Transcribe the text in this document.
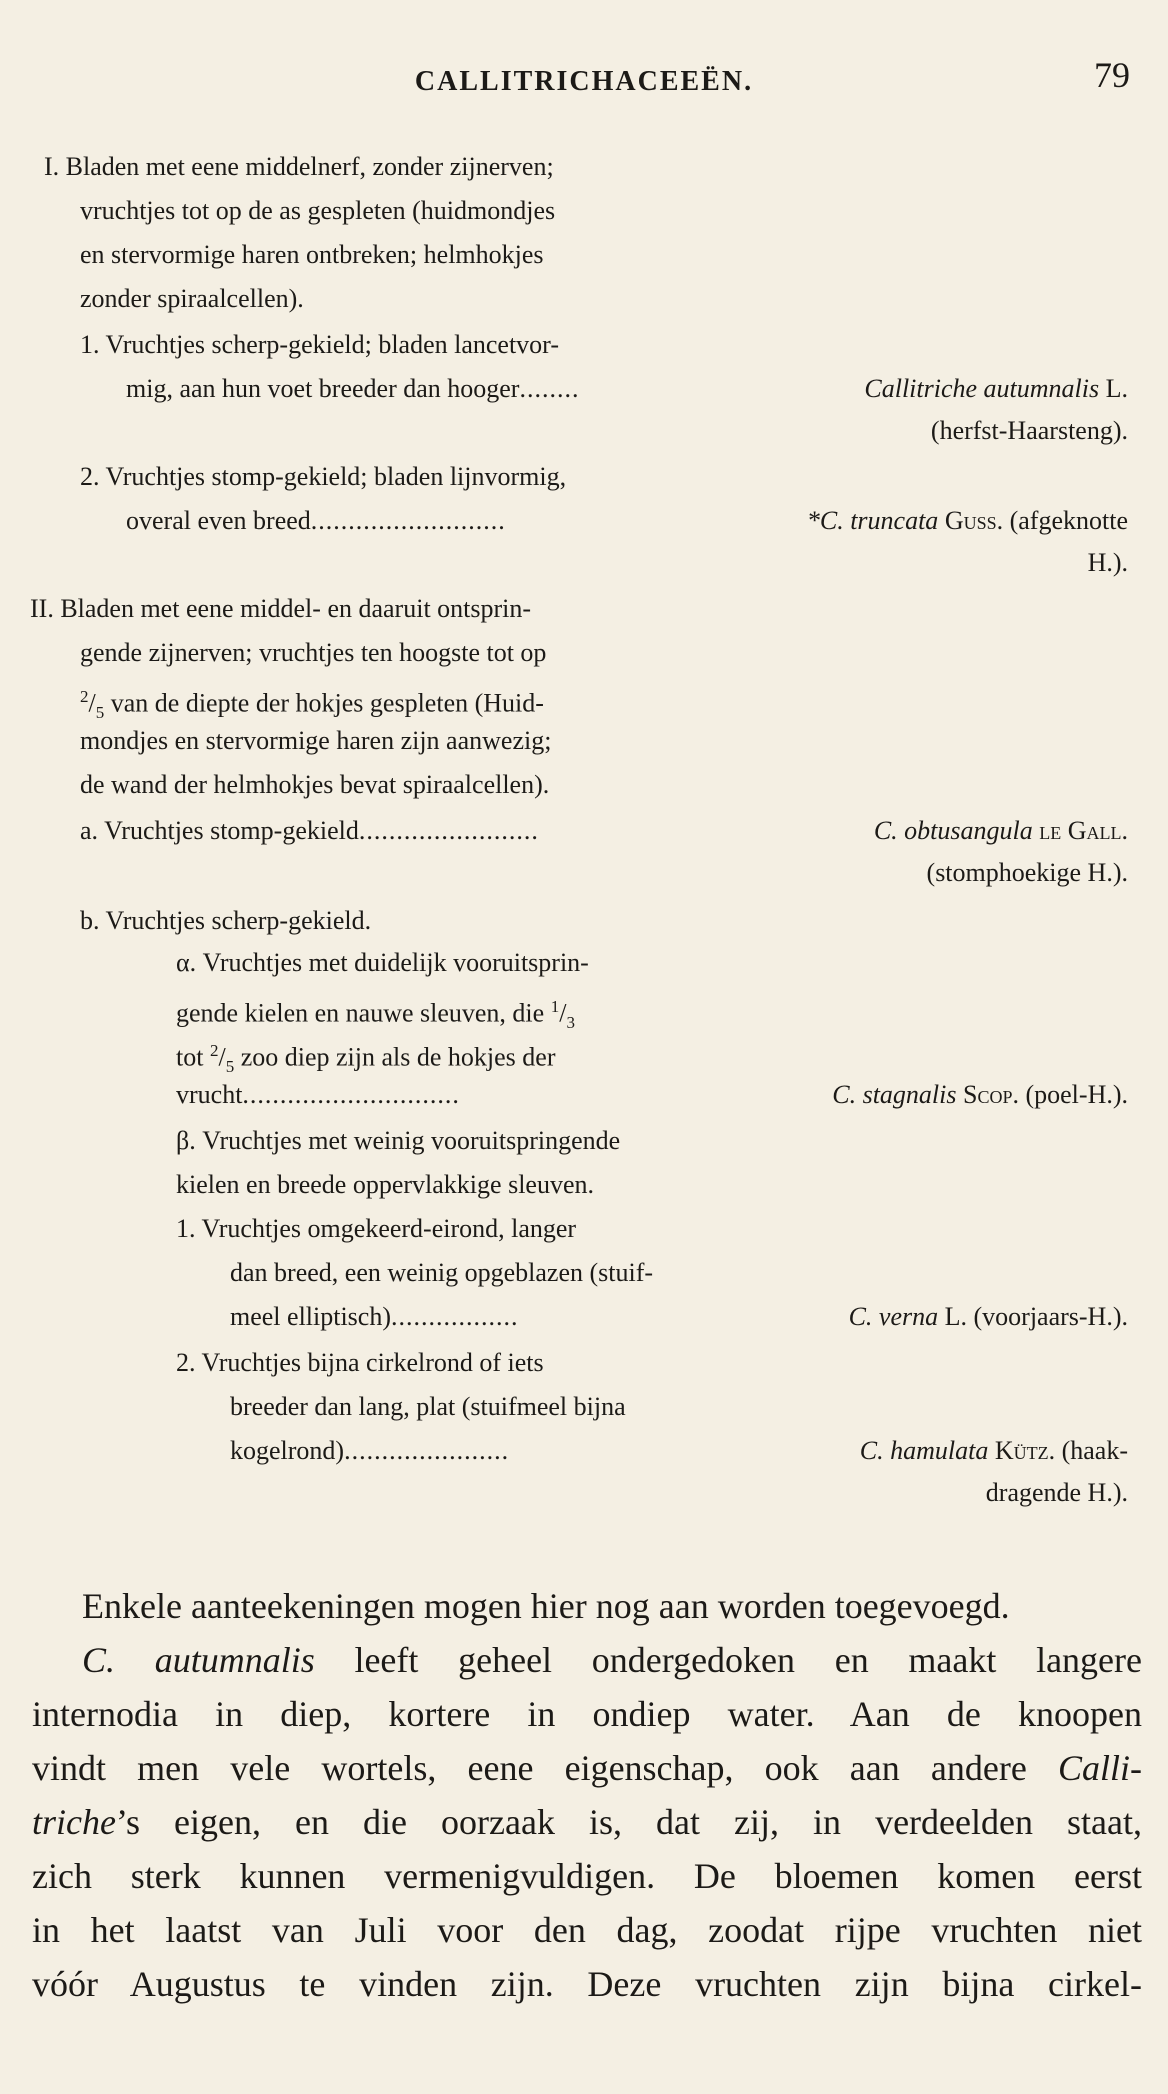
CALLITRICHACEEËN.	79
I. Bladen met eene middelnerf, zonder zijnerven;
vruchtjes tot op de as gespleten (huidmondjes
en stervormige haren ontbreken; helmhokjes
zonder spiraalcellen).
1. Vruchtjes scherp-gekield; bladen lancetvor-
mig, aan hun voet breeder dan hooger........	Callitriche autumnalis L.
(herfst-Haarsteng).
2. Vruchtjes stomp-gekield; bladen lijnvormig,
overal even breed..........................	*C. truncata Guss. (afgeknotte
H.).
II. Bladen met eene middel- en daaruit ontsprin-
gende zijnerven; vruchtjes ten hoogste tot op
$^2/_5$ van de diepte der hokjes gespleten (Huid-
mondjes en stervormige haren zijn aanwezig;
de wand der helmhokjes bevat spiraalcellen).
a. Vruchtjes stomp-gekield........................	C. obtusangula le Gall.
(stomphoekige H.).
b. Vruchtjes scherp-gekield.
α. Vruchtjes met duidelijk vooruitsprin-
gende kielen en nauwe sleuven, die $^1/_3$
tot $^2/_5$ zoo diep zijn als de hokjes der
vrucht.............................	C. stagnalis Scop. (poel-H.).
β. Vruchtjes met weinig vooruitspringende
kielen en breede oppervlakkige sleuven.
1. Vruchtjes omgekeerd-eirond, langer
dan breed, een weinig opgeblazen (stuif-
meel elliptisch).................	C. verna L. (voorjaars-H.).
2. Vruchtjes bijna cirkelrond of iets
breeder dan lang, plat (stuifmeel bijna
kogelrond)......................	C. hamulata Kütz. (haak-
dragende H.).
Enkele aanteekeningen mogen hier nog aan worden toegevoegd.
C. autumnalis leeft geheel ondergedoken en maakt langere
internodia in diep, kortere in ondiep water. Aan de knoopen
vindt men vele wortels, eene eigenschap, ook aan andere Calli-
triche’s eigen, en die oorzaak is, dat zij, in verdeelden staat,
zich sterk kunnen vermenigvuldigen. De bloemen komen eerst
in het laatst van Juli voor den dag, zoodat rijpe vruchten niet
vóór Augustus te vinden zijn. Deze vruchten zijn bijna cirkel-
